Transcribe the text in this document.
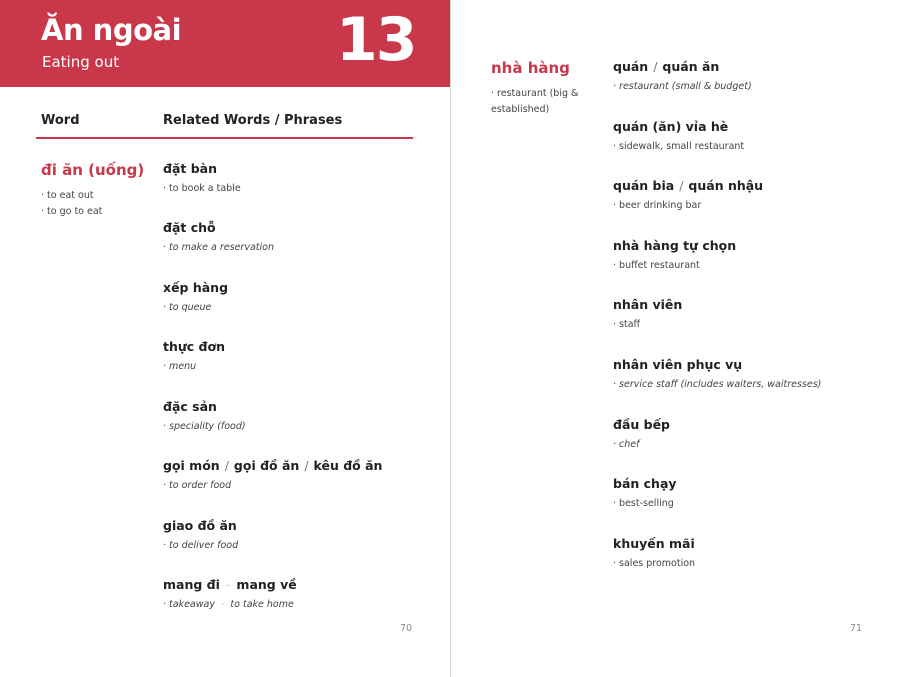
Ăn ngoài
Eating out	13
Word	Related Words / Phrases
đi ăn (uống)
· to eat out
· to go to eat
đặt bàn
· to book a table
đặt chỗ
· to make a reservation
xếp hàng
· to queue
thực đơn
· menu
đặc sản
· speciality (food)
gọi món / gọi đồ ăn / kêu đồ ăn
· to order food
giao đồ ăn
· to deliver food
mang đi - mang về
· takeaway - to take home
70
nhà hàng
· restaurant (big &
established)
quán / quán ăn
· restaurant (small & budget)
quán (ăn) vỉa hè
· sidewalk, small restaurant
quán bia / quán nhậu
· beer drinking bar
nhà hàng tự chọn
· buffet restaurant
nhân viên
· staff
nhân viên phục vụ
· service staff (includes waiters, waitresses)
đầu bếp
· chef
bán chạy
· best-selling
khuyến mãi
· sales promotion
71
